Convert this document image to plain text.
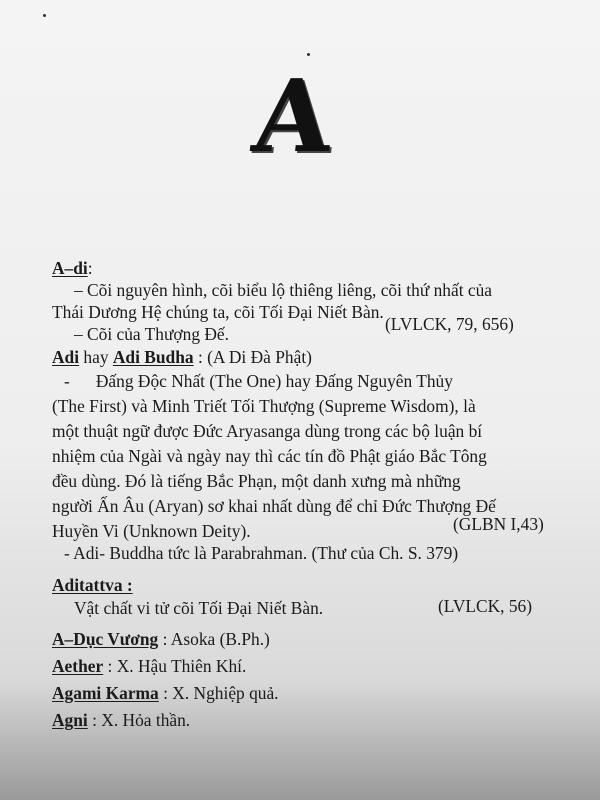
A
A–di:
– Cõi nguyên hình, cõi biểu lộ thiêng liêng, cõi thứ nhất của
Thái Dương Hệ chúng ta, cõi Tối Đại Niết Bàn.
– Cõi của Thượng Đế.	(LVLCK, 79, 656)
Adi hay Adi Budha : (A Di Đà Phật)
-      Đấng Độc Nhất (The One) hay Đấng Nguyên Thủy
(The First) và Minh Triết Tối Thượng (Supreme Wisdom), là
một thuật ngữ được Đức Aryasanga dùng trong các bộ luận bí
nhiệm của Ngài và ngày nay thì các tín đồ Phật giáo Bắc Tông
đều dùng. Đó là tiếng Bắc Phạn, một danh xưng mà những
người Ấn Âu (Aryan) sơ khai nhất dùng để chỉ Đức Thượng Đế
Huyền Vi (Unknown Deity).	(GLBN I,43)
- Adi- Buddha tức là Parabrahman. (Thư của Ch. S. 379)
Aditattva :
Vật chất vi tử cõi Tối Đại Niết Bàn.	(LVLCK, 56)
A–Dục Vương : Asoka (B.Ph.)
Aether : X. Hậu Thiên Khí.
Agami Karma : X. Nghiệp quả.
Agni : X. Hỏa thần.
